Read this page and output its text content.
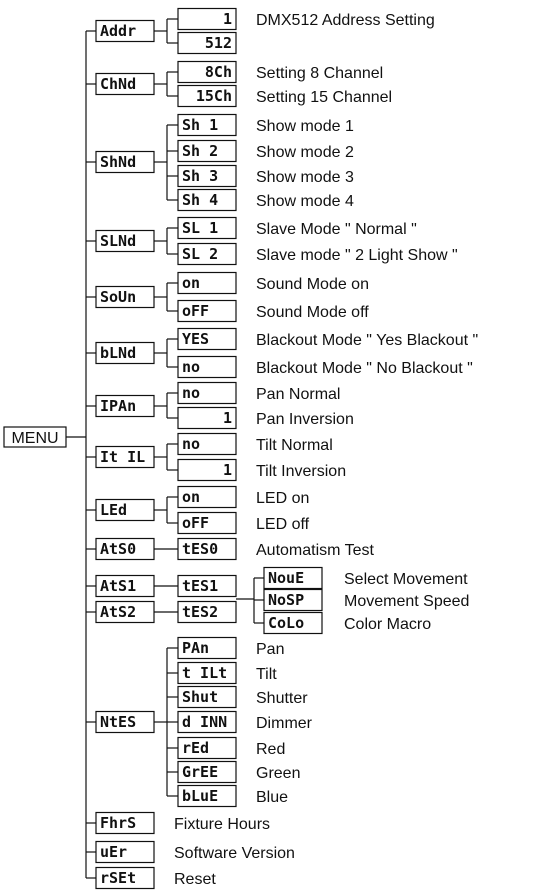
MENU
Addr
1
512
ChNd
8Ch
15Ch
ShNd
Sh 1
Sh 2
Sh 3
Sh 4
SLNd
SL 1
SL 2
SoUn
on
oFF
bLNd
YES
no
IPAn
no
1
It IL
no
1
LEd
on
oFF
AtS0	tES0
AtS1	tES1
AtS2	tES2
NtES
PAn
t ILt
Shut
d INN
rEd
GrEE
bLuE
FhrS
uEr
rSEt
NouE
NoSP
CoLo
DMX512 Address Setting
Setting 8 Channel
Setting 15 Channel
Show mode 1
Show mode 2
Show mode 3
Show mode 4
Slave Mode " Normal "
Slave mode " 2 Light Show "
Sound Mode on
Sound Mode off
Blackout Mode " Yes Blackout "
Blackout Mode " No Blackout "
Pan Normal
Pan Inversion
Tilt Normal
Tilt Inversion
LED on
LED off
Automatism Test
Pan
Tilt
Shutter
Dimmer
Red
Green
Blue
Fixture Hours
Software Version
Reset
Select Movement
Movement Speed
Color Macro
